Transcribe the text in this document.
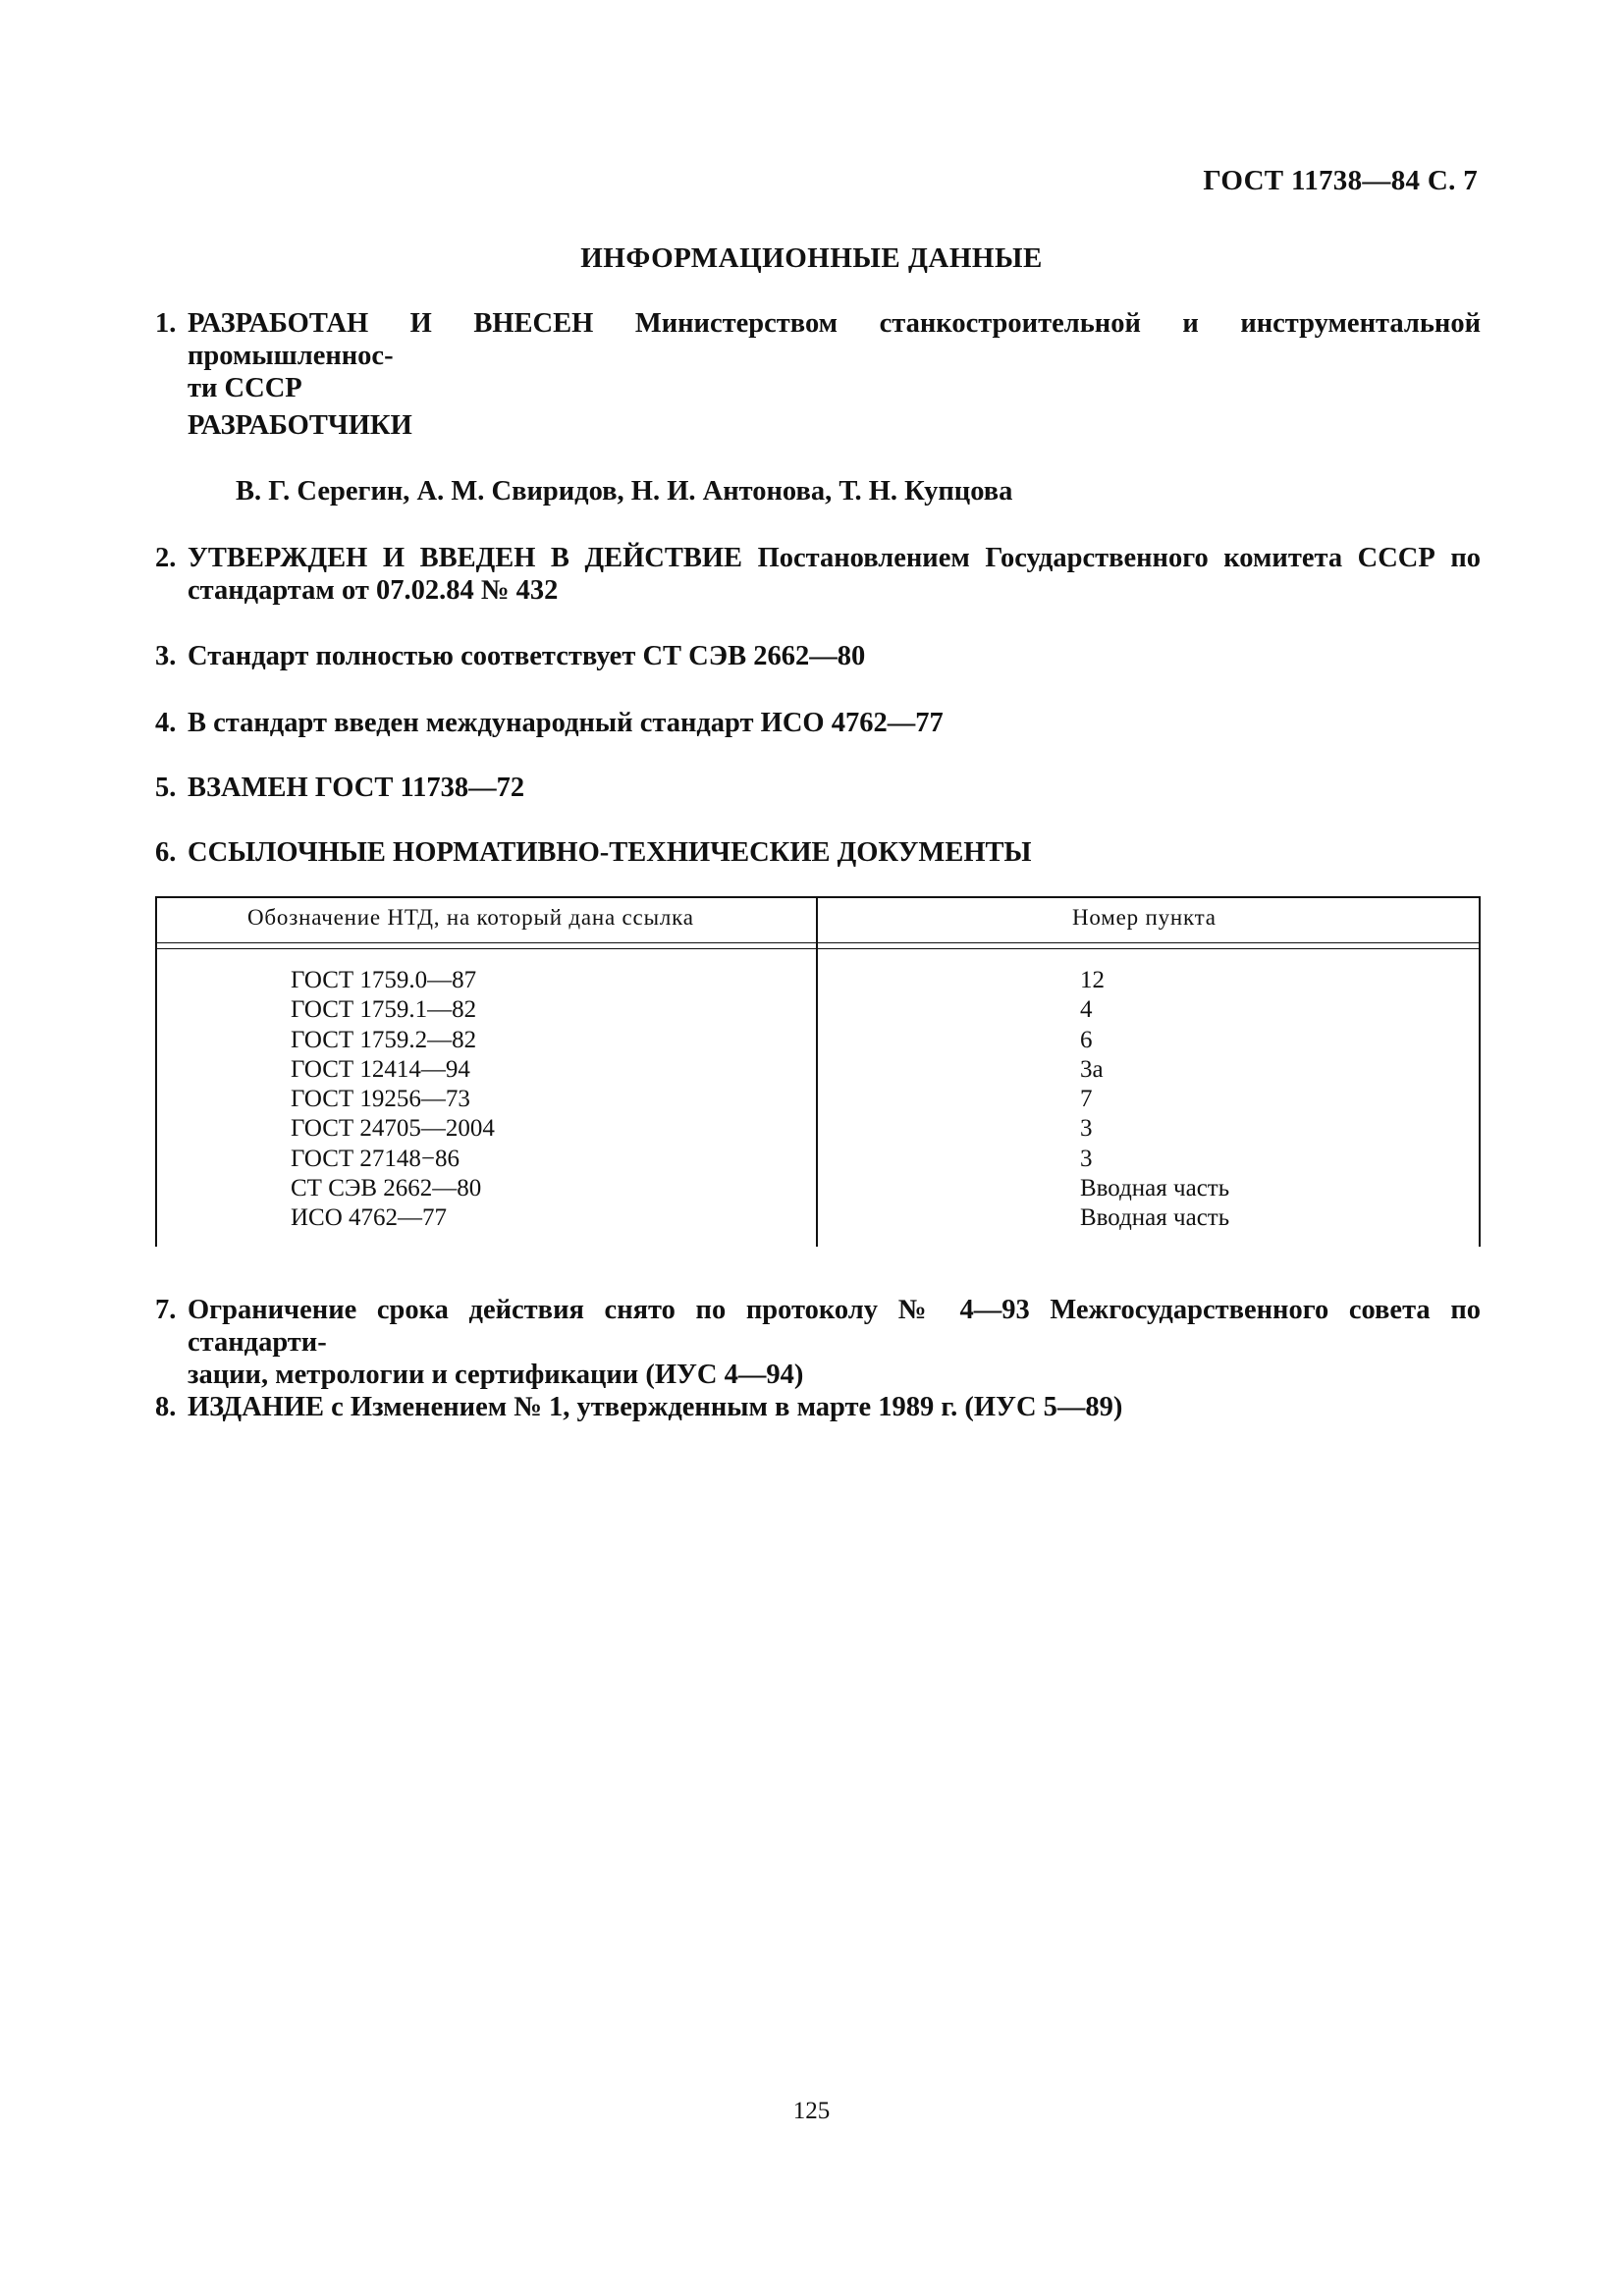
ГОСТ 11738—84 С. 7
ИНФОРМАЦИОННЫЕ ДАННЫЕ
1. РАЗРАБОТАН И ВНЕСЕН Министерством станкостроительной и инструментальной промышленнос-
ти СССР
РАЗРАБОТЧИКИ
В. Г. Серегин, А. М. Свиридов, Н. И. Антонова, Т. Н. Купцова
2. УТВЕРЖДЕН И ВВЕДЕН В ДЕЙСТВИЕ Постановлением Государственного комитета СССР по
стандартам от 07.02.84 № 432
3. Стандарт полностью соответствует СТ СЭВ 2662—80
4. В стандарт введен международный стандарт ИСО 4762—77
5. ВЗАМЕН ГОСТ 11738—72
6. ССЫЛОЧНЫЕ НОРМАТИВНО-ТЕХНИЧЕСКИЕ ДОКУМЕНТЫ
Обозначение НТД, на который дана ссылка	Номер пункта
ГОСТ 1759.0—87	12
ГОСТ 1759.1—82	4
ГОСТ 1759.2—82	6
ГОСТ 12414—94	3а
ГОСТ 19256—73	7
ГОСТ 24705—2004	3
ГОСТ 27148−86	3
СТ СЭВ 2662—80	Вводная часть
ИСО 4762—77	Вводная часть
7. Ограничение срока действия снято по протоколу № 4—93 Межгосударственного совета по стандарти-
зации, метрологии и сертификации (ИУС 4—94)
8. ИЗДАНИЕ с Изменением № 1, утвержденным в марте 1989 г. (ИУС 5—89)
125
